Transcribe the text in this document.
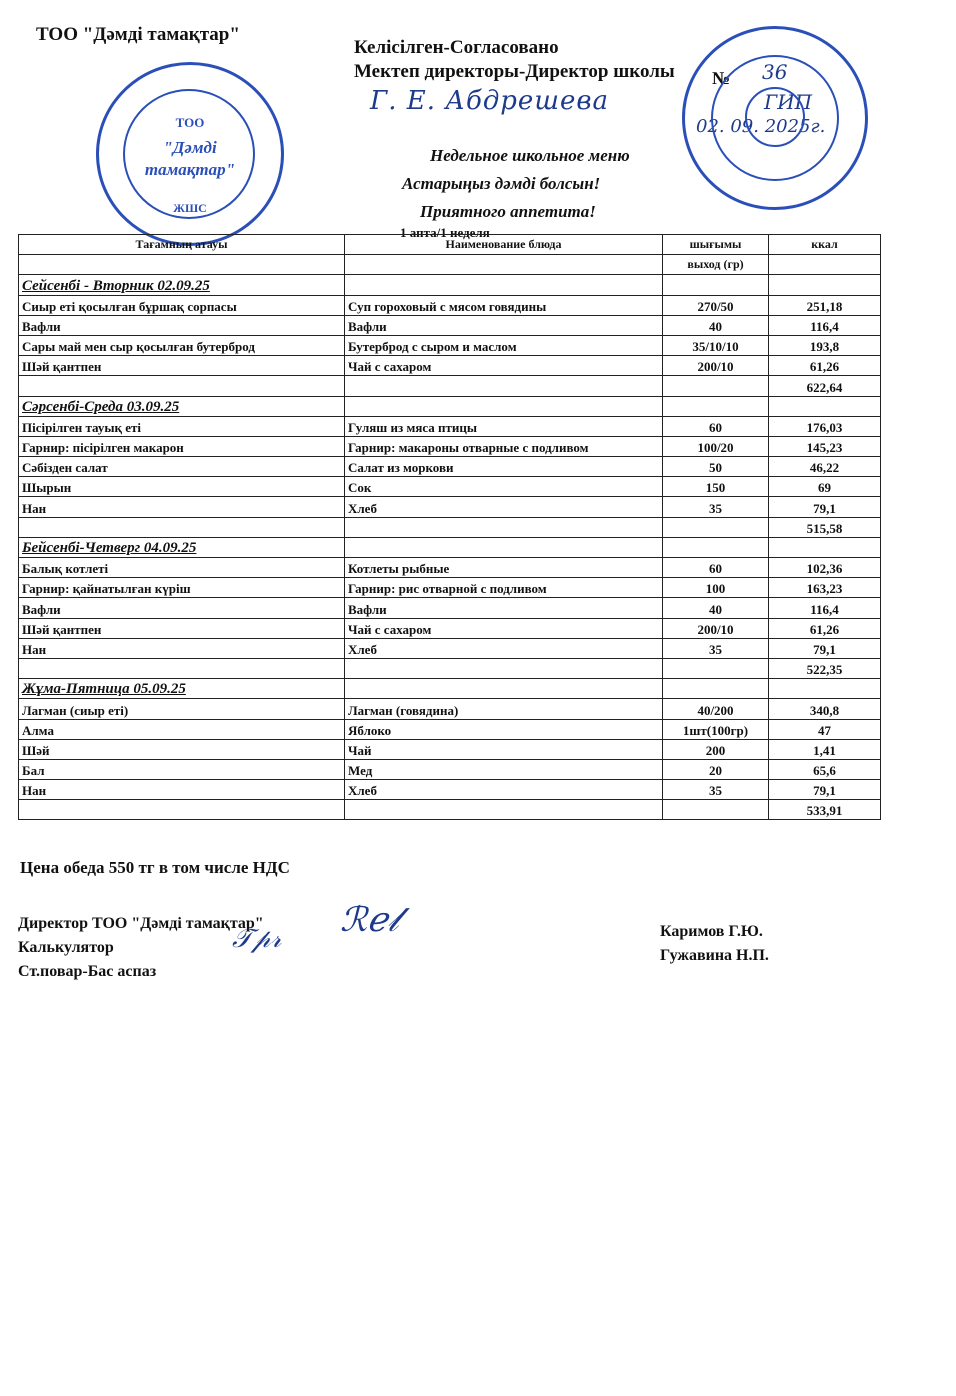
ТОО "Дәмді тамақтар"
Келісілген-Согласовано
Мектеп директоры-Директор школы № 36
ГИП
02. 09. 2025г.
Г. Е. Абдрешева
ТОО
"Дәмді
тамақтар"
ЖШС
Недельное школьное меню
Астарыңыз дәмді болсын!
Приятного аппетита!
1 апта/1 неделя
Тағамның атауы	Наименование блюда	шығымы	ккал
		выход (гр)	
Сейсенбі - Вторник 02.09.25			
Сиыр еті қосылған бұршақ сорпасы	Суп гороховый с мясом говядины	270/50	251,18
Вафли	Вафли	40	116,4
Сары май мен сыр қосылған бутерброд	Бутерброд с сыром и маслом	35/10/10	193,8
Шәй қантпен	Чай с сахаром	200/10	61,26
			622,64
Сәрсенбі-Среда 03.09.25			
Пісірілген тауық еті	Гуляш из мяса птицы	60	176,03
Гарнир: пісірілген макарон	Гарнир: макароны отварные с подливом	100/20	145,23
Сәбізден салат	Салат из моркови	50	46,22
Шырын	Сок	150	69
Нан	Хлеб	35	79,1
			515,58
Бейсенбі-Четверг 04.09.25			
Балық котлеті	Котлеты рыбные	60	102,36
Гарнир: қайнатылған күріш	Гарнир: рис отварной с подливом	100	163,23
Вафли	Вафли	40	116,4
Шәй қантпен	Чай с сахаром	200/10	61,26
Нан	Хлеб	35	79,1
			522,35
Жұма-Пятница 05.09.25			
Лагман (сиыр еті)	Лагман (говядина)	40/200	340,8
Алма	Яблоко	1шт(100гр)	47
Шәй	Чай	200	1,41
Бал	Мед	20	65,6
Нан	Хлеб	35	79,1
			533,91
Цена обеда 550 тг в том числе НДС
Директор ТОО "Дәмді тамақтар"
Калькулятор
Ст.повар-Бас аспаз
𝒯𝓅𝓇 ℛℯ𝓁	Каримов Г.Ю.
Гужавина Н.П.
